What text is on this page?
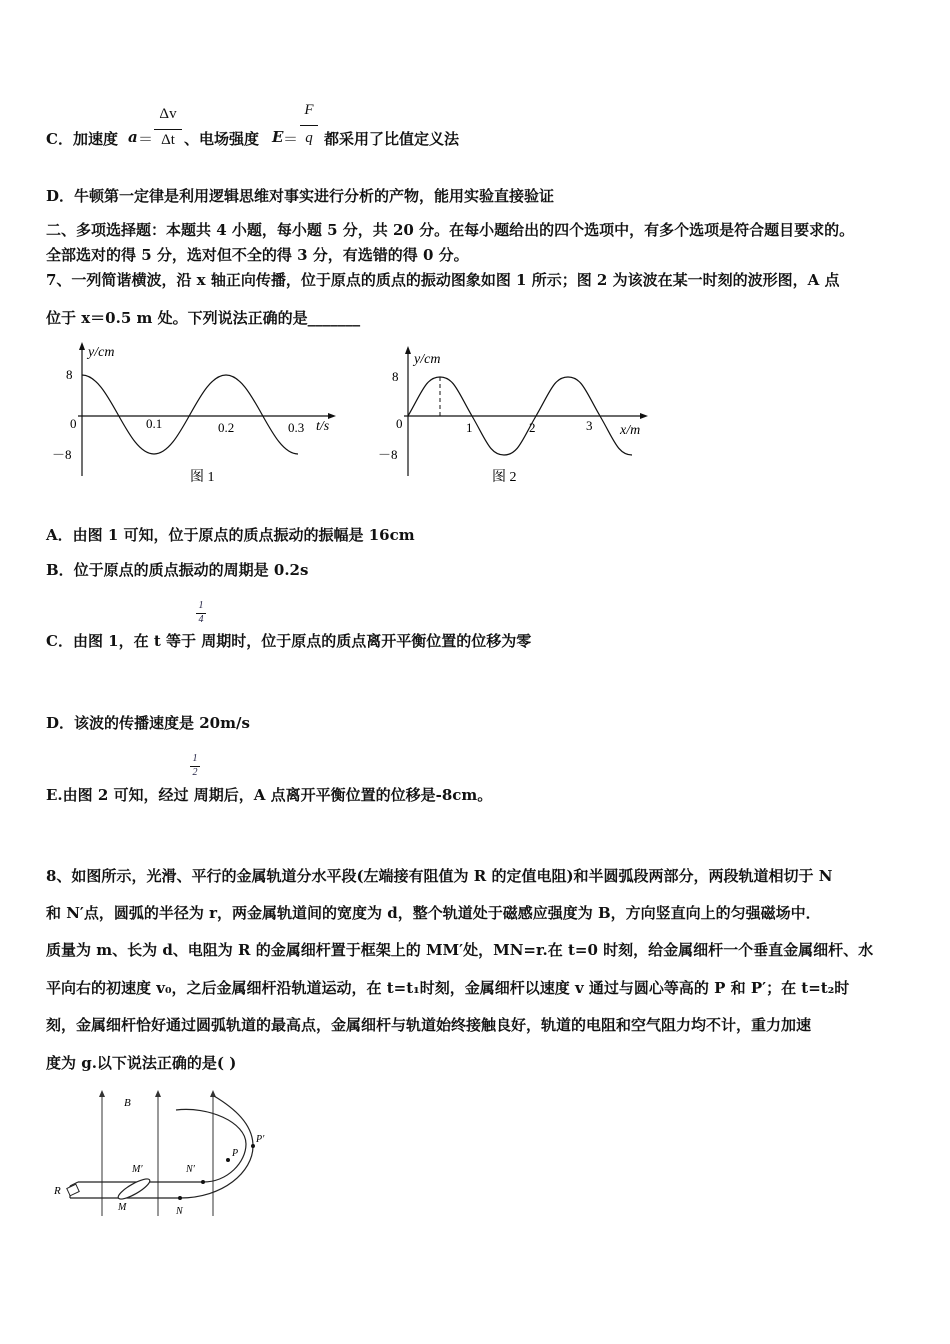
C．加速度 a ＝
Δv
Δt 、电场强度 E ＝
F
q 都采用了比值定义法
D．牛顿第一定律是利用逻辑思维对事实进行分析的产物，能用实验直接验证
二、多项选择题：本题共 4 小题，每小题 5 分，共 20 分。在每小题给出的四个选项中，有多个选项是符合题目要求的。
全部选对的得 5 分，选对但不全的得 3 分，有选错的得 0 分。
7、一列简谐横波，沿 x 轴正向传播，位于原点的质点的振动图象如图 1 所示；图 2 为该波在某一时刻的波形图，A 点
位于 x＝0.5 m 处。下列说法正确的是_______
y/cm
8
－8
0	0.1	0.2	0.3 t/s
图 1
y/cm
8
－8
0	1	2	3 x/m
图 2
A．由图 1 可知，位于原点的质点振动的振幅是 16cm
B．位于原点的质点振动的周期是 0.2s
1
4
C．由图 1，在 t 等于 周期时，位于原点的质点离开平衡位置的位移为零
D．该波的传播速度是 20m/s
1
2
E.由图 2 可知，经过 周期后，A 点离开平衡位置的位移是-8cm。
8、如图所示，光滑、平行的金属轨道分水平段(左端接有阻值为 R 的定值电阻)和半圆弧段两部分，两段轨道相切于 N
和 N′点，圆弧的半径为 r，两金属轨道间的宽度为 d，整个轨道处于磁感应强度为 B，方向竖直向上的匀强磁场中．
质量为 m、长为 d、电阻为 R 的金属细杆置于框架上的 MM′处，MN=r.在 t=0 时刻，给金属细杆一个垂直金属细杆、水
平向右的初速度 v₀，之后金属细杆沿轨道运动，在 t=t₁时刻，金属细杆以速度 v 通过与圆心等高的 P 和 P′；在 t=t₂时
刻，金属细杆恰好通过圆弧轨道的最高点，金属细杆与轨道始终接触良好，轨道的电阻和空气阻力均不计，重力加速
度为 g.以下说法正确的是( )
B
R
M
M′
N
N′
P
P′
